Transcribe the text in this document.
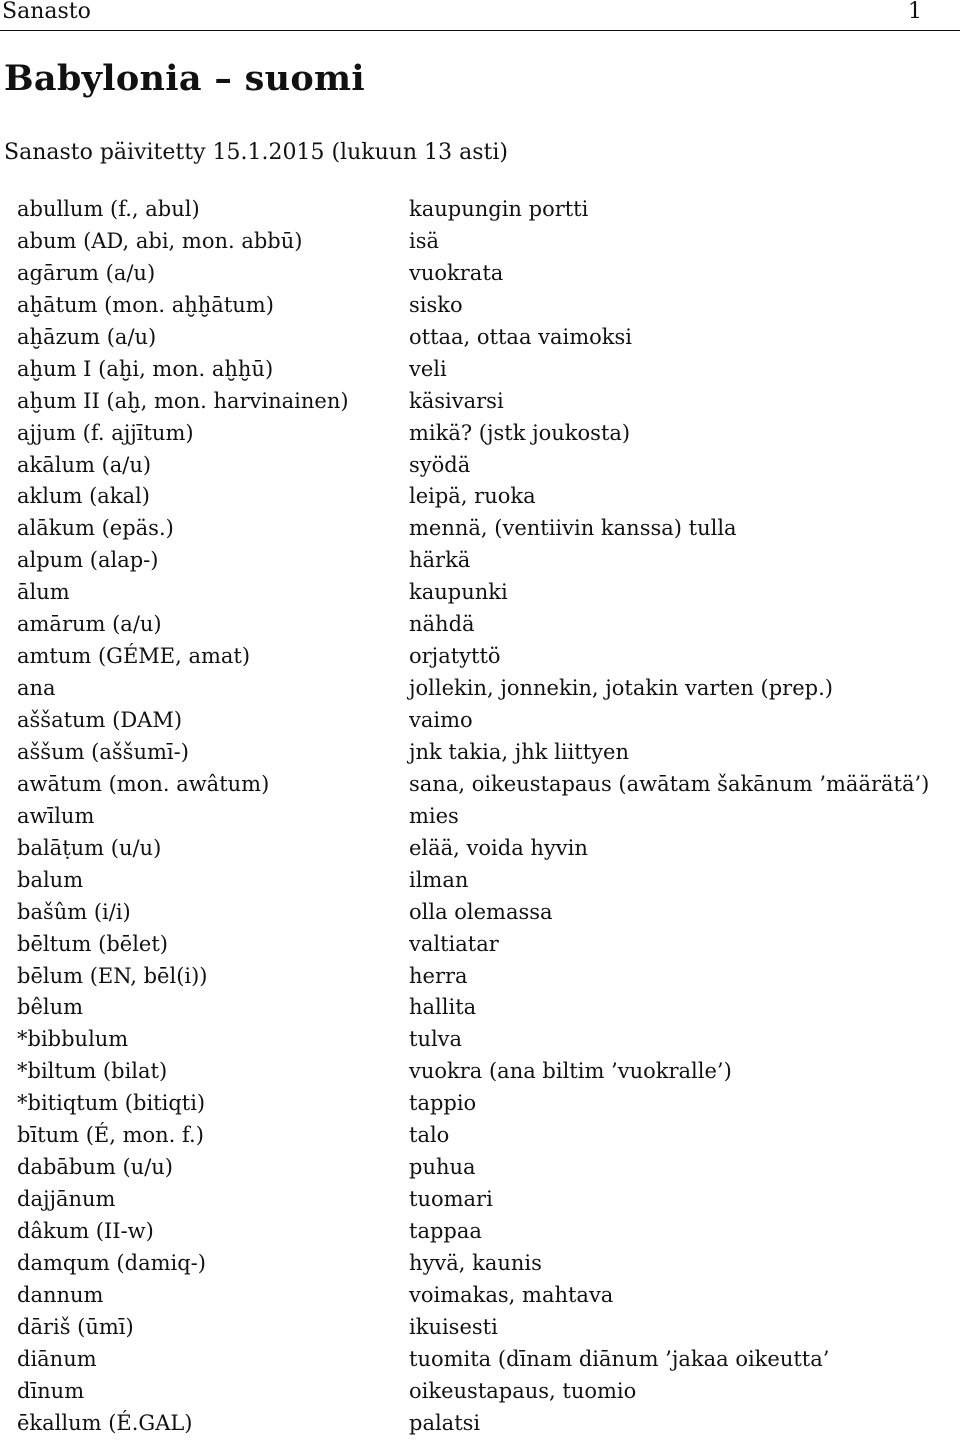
Sanasto	1
Babylonia – suomi
Sanasto päivitetty 15.1.2015 (lukuun 13 asti)
abullum (f., abul)	kaupungin portti
abum (AD, abi, mon. abbū)	isä
agārum (a/u)	vuokrata
aḫātum (mon. aḫḫātum)	sisko
aḫāzum (a/u)	ottaa, ottaa vaimoksi
aḫum I (aḫi, mon. aḫḫū)	veli
aḫum II (aḫ, mon. harvinainen)	käsivarsi
ajjum (f. ajjītum)	mikä? (jstk joukosta)
akālum (a/u)	syödä
aklum (akal)	leipä, ruoka
alākum (epäs.)	mennä, (ventiivin kanssa) tulla
alpum (alap-)	härkä
ālum	kaupunki
amārum (a/u)	nähdä
amtum (GÉME, amat)	orjatyttö
ana	jollekin, jonnekin, jotakin varten (prep.)
aššatum (DAM)	vaimo
aššum (aššumī-)	jnk takia, jhk liittyen
awātum (mon. awâtum)	sana, oikeustapaus (awātam šakānum ’määrätä’)
awīlum	mies
balāṭum (u/u)	elää, voida hyvin
balum	ilman
bašûm (i/i)	olla olemassa
bēltum (bēlet)	valtiatar
bēlum (EN, bēl(i))	herra
bêlum	hallita
*bibbulum	tulva
*biltum (bilat)	vuokra (ana biltim ’vuokralle’)
*bitiqtum (bitiqti)	tappio
bītum (É, mon. f.)	talo
dabābum (u/u)	puhua
dajjānum	tuomari
dâkum (II-w)	tappaa
damqum (damiq-)	hyvä, kaunis
dannum	voimakas, mahtava
dāriš (ūmī)	ikuisesti
diānum	tuomita (dīnam diānum ’jakaa oikeutta’
dīnum	oikeustapaus, tuomio
ēkallum (É.GAL)	palatsi
